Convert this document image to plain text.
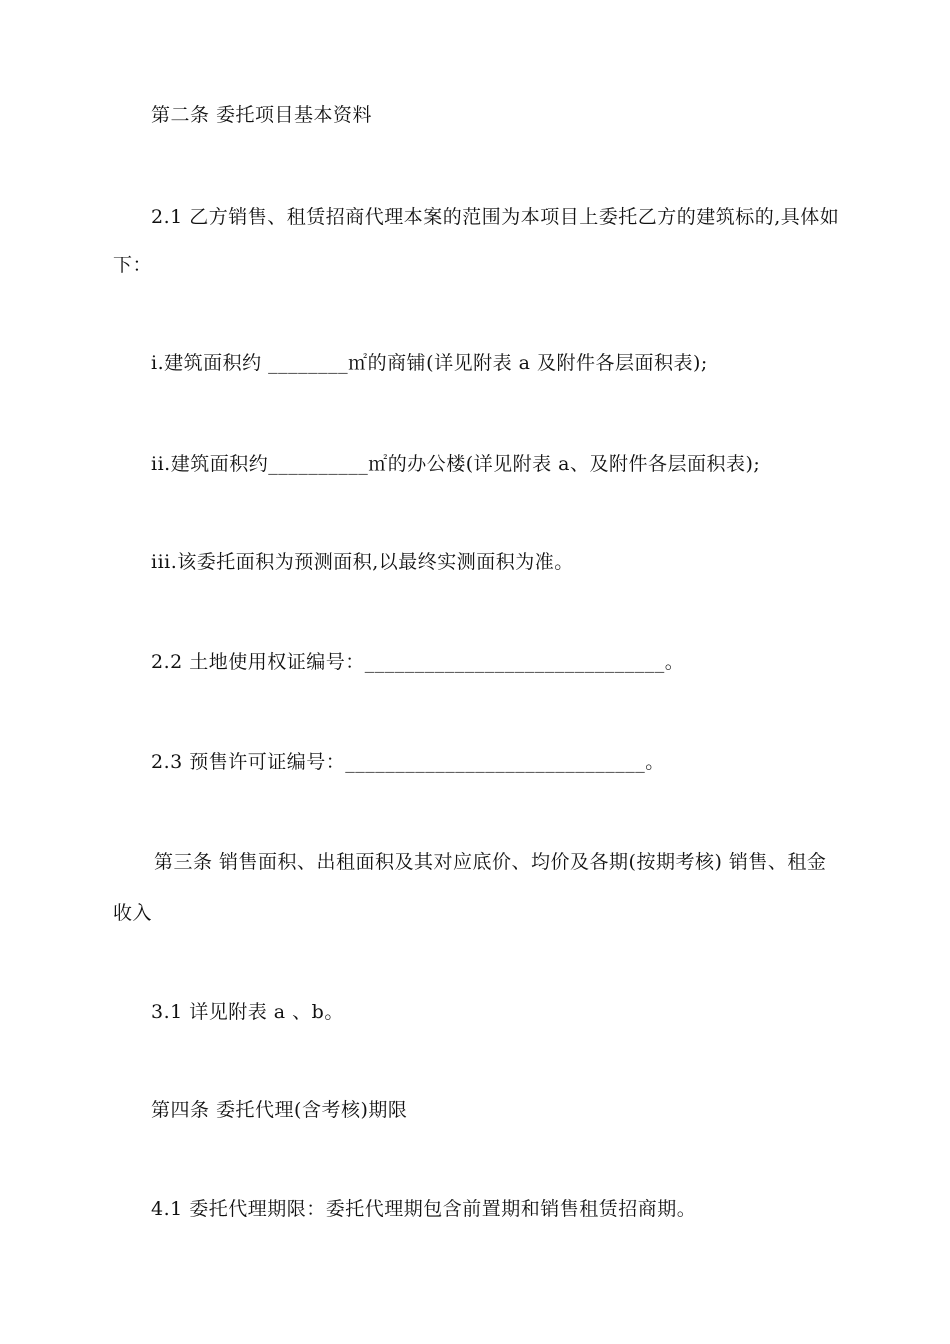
第二条 委托项目基本资料
2.1 乙方销售、租赁招商代理本案的范围为本项目上委托乙方的建筑标的,具体如
下：
i.建筑面积约 ________㎡的商铺(详见附表 a 及附件各层面积表);
ii.建筑面积约__________㎡的办公楼(详见附表 a、及附件各层面积表);
iii.该委托面积为预测面积,以最终实测面积为准。
2.2 土地使用权证编号：______________________________。
2.3 预售许可证编号：______________________________。
第三条 销售面积、出租面积及其对应底价、均价及各期(按期考核) 销售、租金
收入
3.1 详见附表 a 、b。
第四条 委托代理(含考核)期限
4.1 委托代理期限：委托代理期包含前置期和销售租赁招商期。
